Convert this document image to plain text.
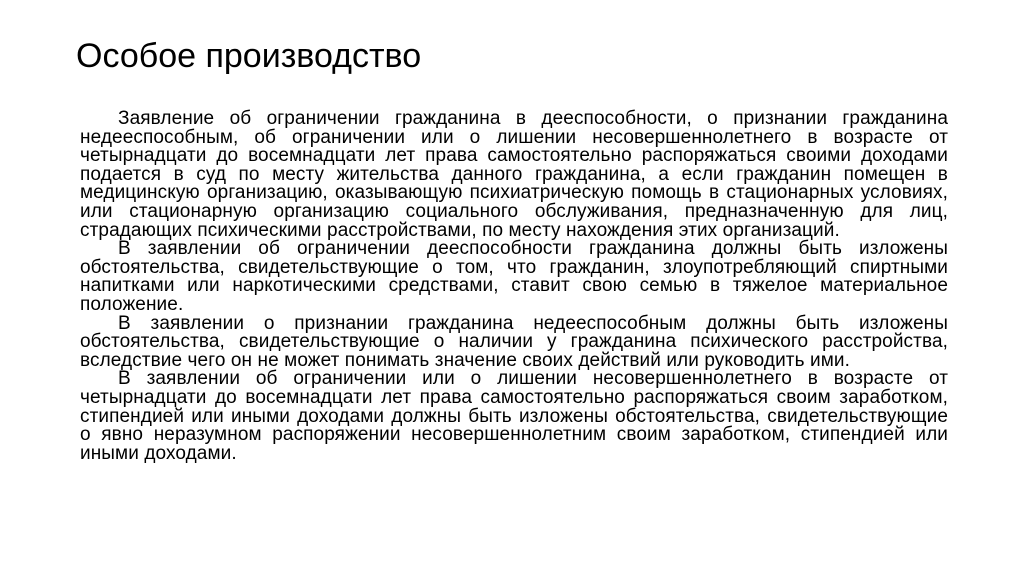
Особое производство

Заявление об ограничении гражданина в дееспособности, о признании гражданина недееспособным, об ограничении или о лишении несовершеннолетнего в возрасте от четырнадцати до восемнадцати лет права самостоятельно распоряжаться своими доходами подается в суд по месту жительства данного гражданина, а если гражданин помещен в медицинскую организацию, оказывающую психиатрическую помощь в стационарных условиях, или стационарную организацию социального обслуживания, предназначенную для лиц, страдающих психическими расстройствами, по месту нахождения этих организаций.

В заявлении об ограничении дееспособности гражданина должны быть изложены обстоятельства, свидетельствующие о том, что гражданин, злоупотребляющий спиртными напитками или наркотическими средствами, ставит свою семью в тяжелое материальное положение.

В заявлении о признании гражданина недееспособным должны быть изложены обстоятельства, свидетельствующие о наличии у гражданина психического расстройства, вследствие чего он не может понимать значение своих действий или руководить ими.

В заявлении об ограничении или о лишении несовершеннолетнего в возрасте от четырнадцати до восемнадцати лет права самостоятельно распоряжаться своим заработком, стипендией или иными доходами должны быть изложены обстоятельства, свидетельствующие о явно неразумном распоряжении несовершеннолетним своим заработком, стипендией или иными доходами.
